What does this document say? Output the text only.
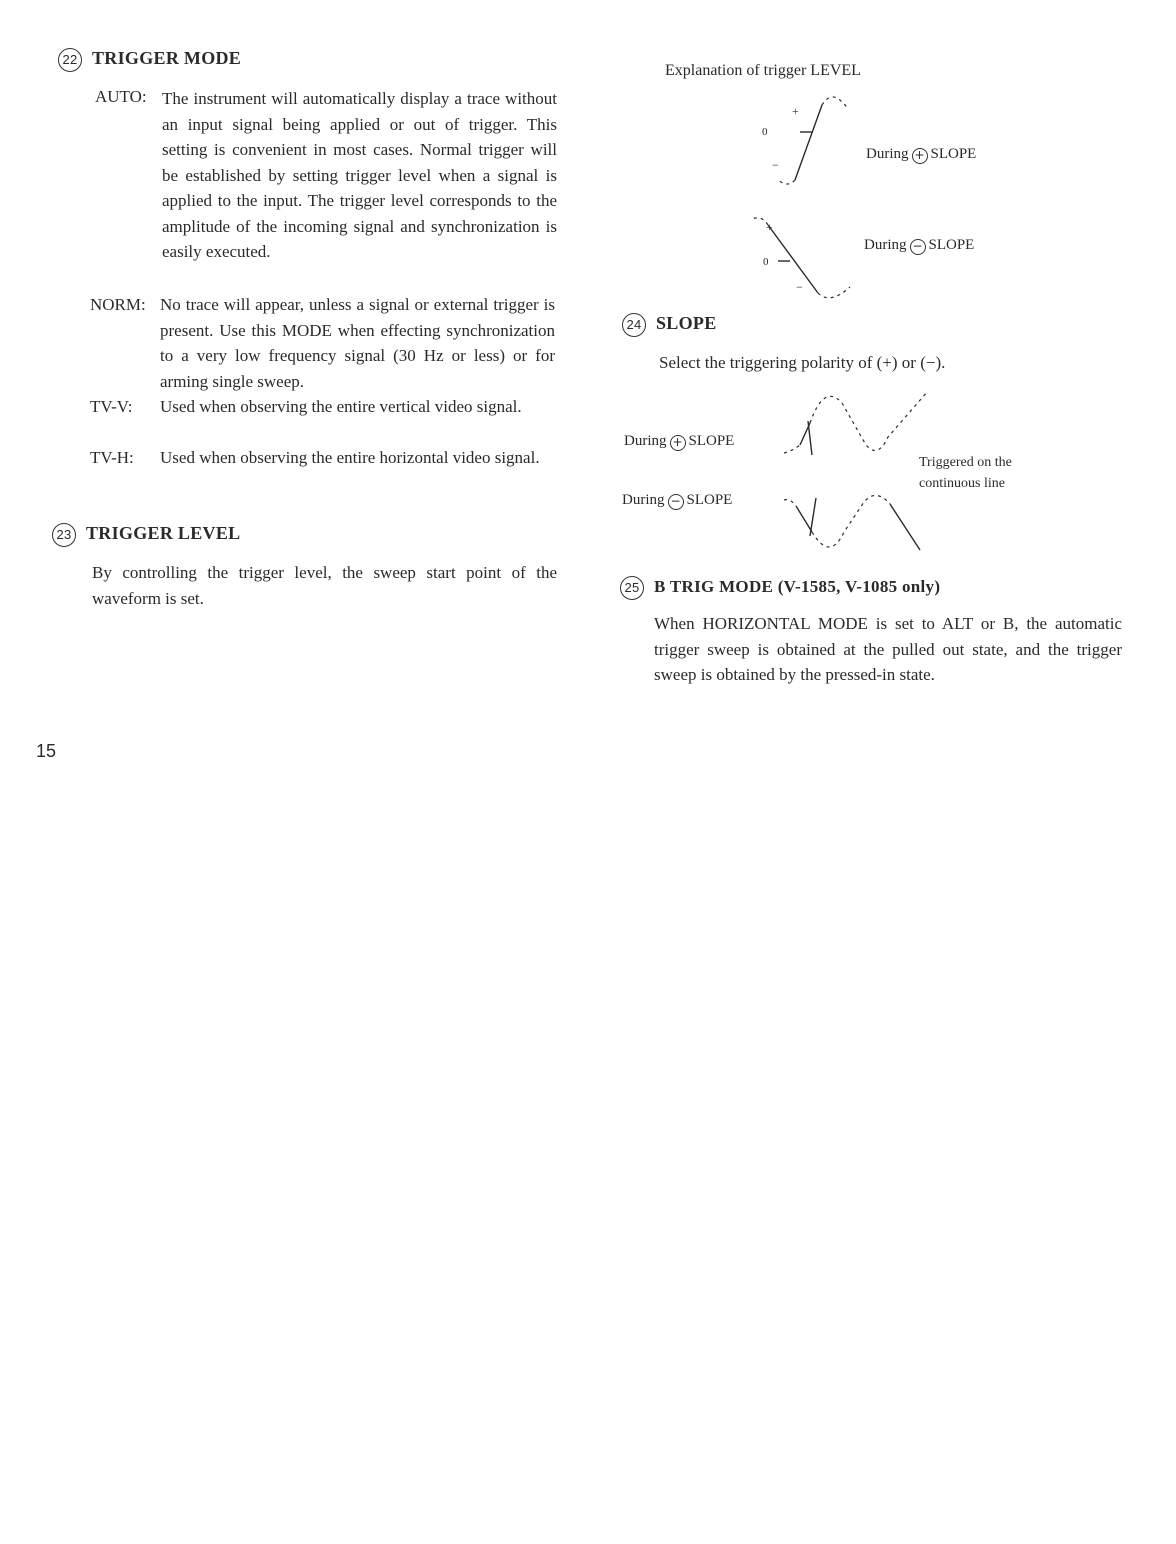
22 TRIGGER MODE
AUTO: The instrument will automatically display a trace without an input signal being applied or out of trigger. This setting is convenient in most cases. Normal trigger will be established by setting trigger level when a signal is applied to the input. The trigger level corresponds to the amplitude of the incoming signal and synchronization is easily executed.
NORM: No trace will appear, unless a signal or external trigger is present. Use this MODE when effecting synchronization to a very low frequency signal (30 Hz or less) or for arming single sweep.
TV-V: Used when observing the entire vertical video signal.
TV-H: Used when observing the entire horizontal video signal.
23 TRIGGER LEVEL
By controlling the trigger level, the sweep start point of the waveform is set.
Explanation of trigger LEVEL
+
0
−
During + SLOPE
+
0
−
During − SLOPE
24 SLOPE
Select the triggering polarity of (+) or (−).
During + SLOPE
During − SLOPE
Triggered on the
continuous line
25 B TRIG MODE (V-1585, V-1085 only)
When HORIZONTAL MODE is set to ALT or B, the automatic trigger sweep is obtained at the pulled out state, and the trigger sweep is obtained by the pressed-in state.
15
